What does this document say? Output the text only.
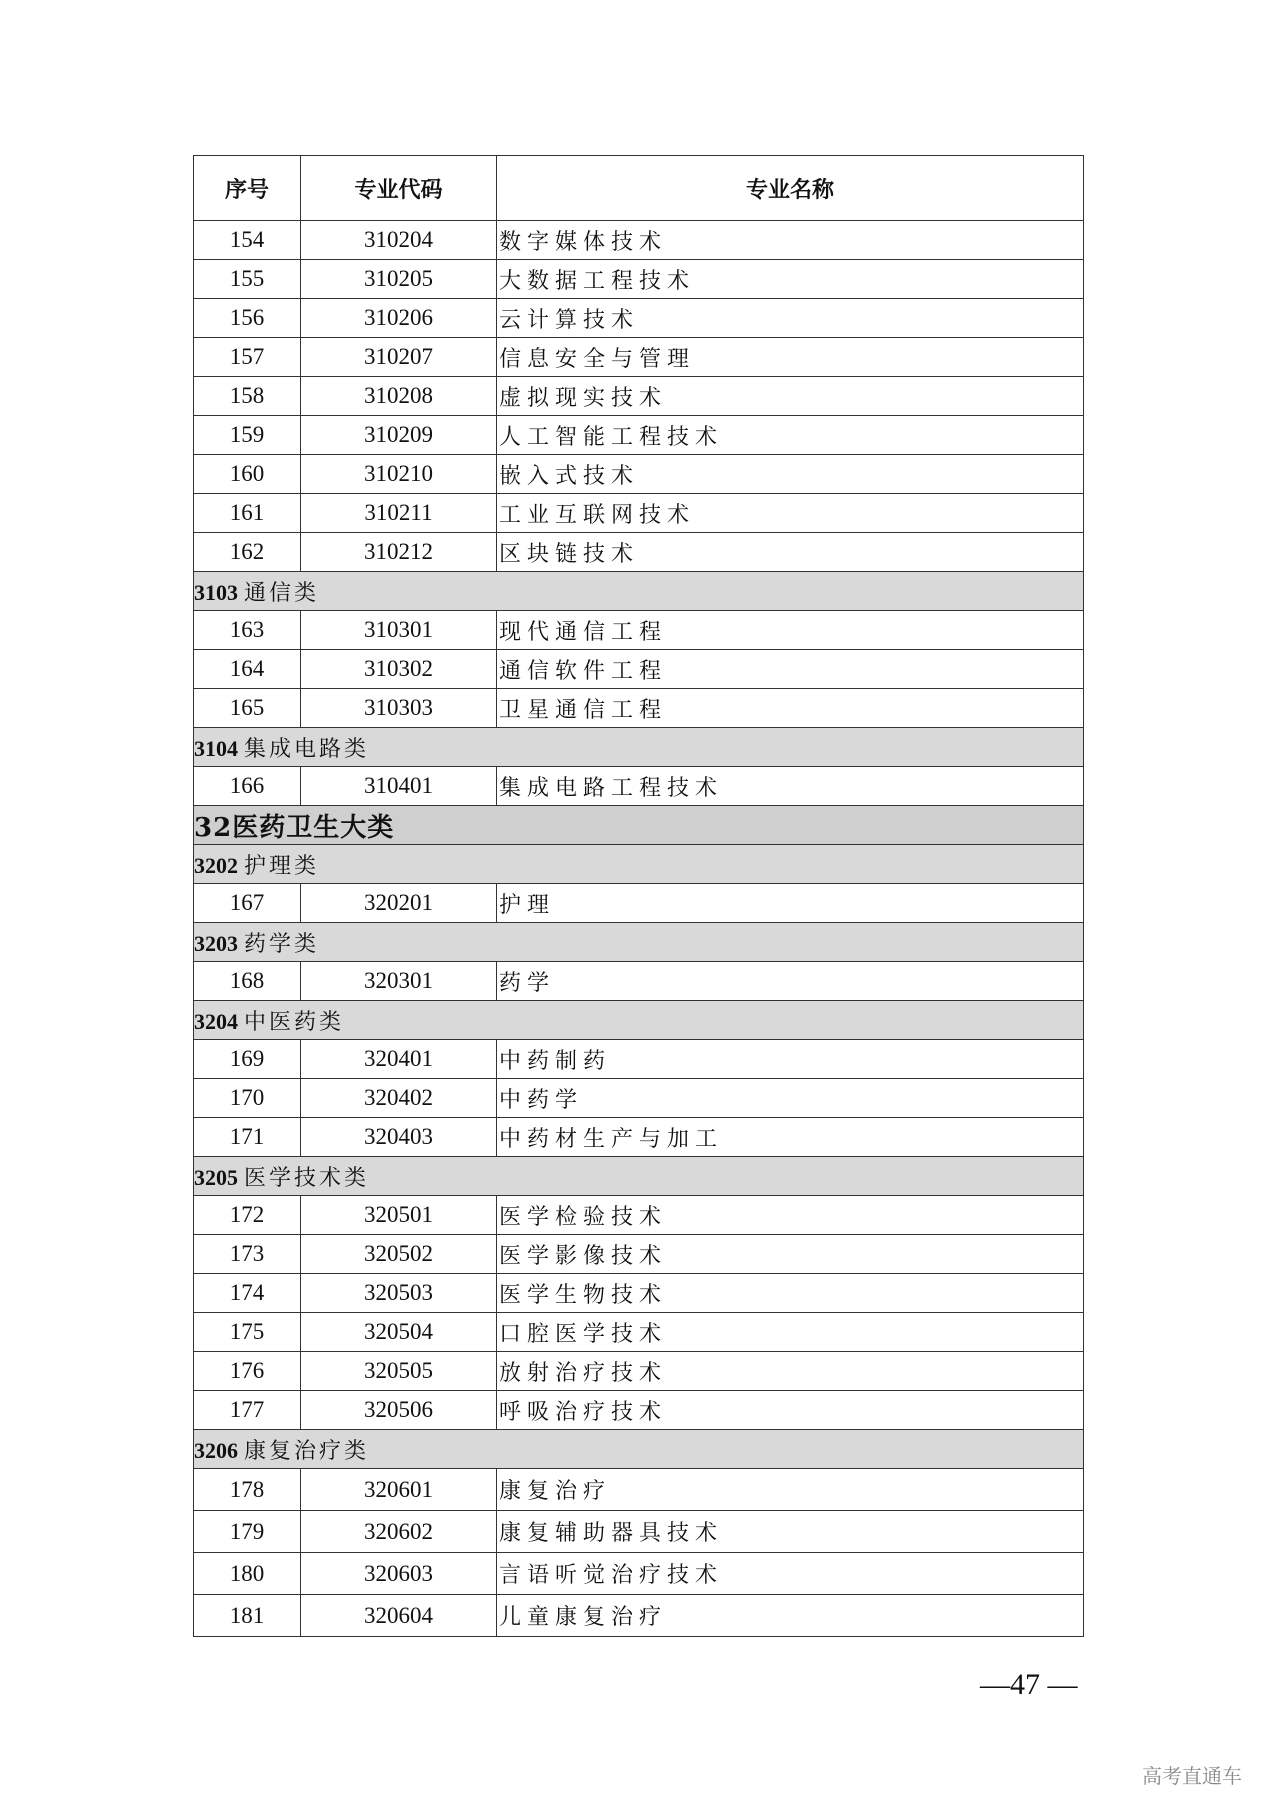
序号	专业代码	专业名称
154	310204	数字媒体技术
155	310205	大数据工程技术
156	310206	云计算技术
157	310207	信息安全与管理
158	310208	虚拟现实技术
159	310209	人工智能工程技术
160	310210	嵌入式技术
161	310211	工业互联网技术
162	310212	区块链技术
3103 通信类		
163	310301	现代通信工程
164	310302	通信软件工程
165	310303	卫星通信工程
3104 集成电路类		
166	310401	集成电路工程技术
32医药卫生大类		
3202 护理类		
167	320201	护理
3203 药学类		
168	320301	药学
3204 中医药类		
169	320401	中药制药
170	320402	中药学
171	320403	中药材生产与加工
3205 医学技术类		
172	320501	医学检验技术
173	320502	医学影像技术
174	320503	医学生物技术
175	320504	口腔医学技术
176	320505	放射治疗技术
177	320506	呼吸治疗技术
3206 康复治疗类		
178	320601	康复治疗
179	320602	康复辅助器具技术
180	320603	言语听觉治疗技术
181	320604	儿童康复治疗
—47 —
高考直通车
